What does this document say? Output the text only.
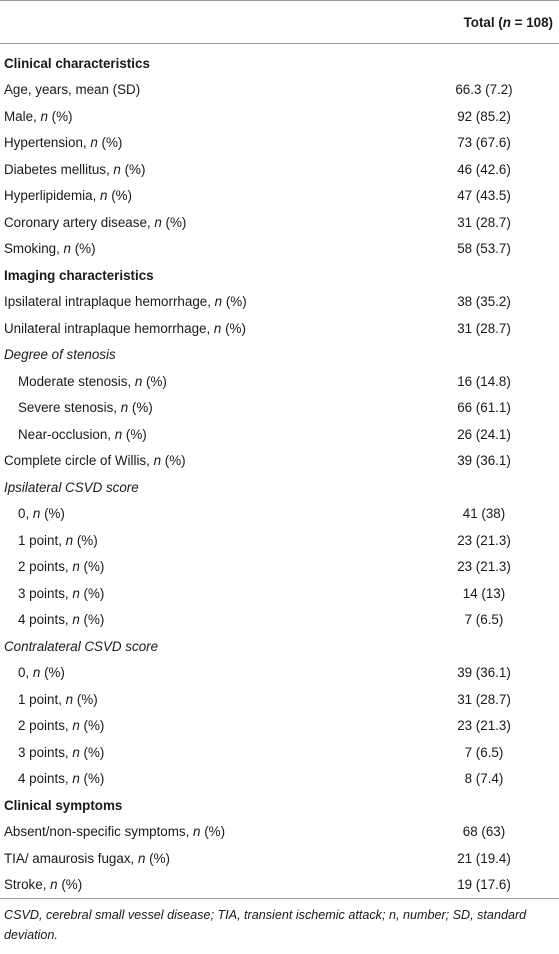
	Total (n = 108)
Clinical characteristics	
Age, years, mean (SD)	66.3 (7.2)
Male, n (%)	92 (85.2)
Hypertension, n (%)	73 (67.6)
Diabetes mellitus, n (%)	46 (42.6)
Hyperlipidemia, n (%)	47 (43.5)
Coronary artery disease, n (%)	31 (28.7)
Smoking, n (%)	58 (53.7)
Imaging characteristics	
Ipsilateral intraplaque hemorrhage, n (%)	38 (35.2)
Unilateral intraplaque hemorrhage, n (%)	31 (28.7)
Degree of stenosis	
Moderate stenosis, n (%)	16 (14.8)
Severe stenosis, n (%)	66 (61.1)
Near-occlusion, n (%)	26 (24.1)
Complete circle of Willis, n (%)	39 (36.1)
Ipsilateral CSVD score	
0, n (%)	41 (38)
1 point, n (%)	23 (21.3)
2 points, n (%)	23 (21.3)
3 points, n (%)	14 (13)
4 points, n (%)	7 (6.5)
Contralateral CSVD score	
0, n (%)	39 (36.1)
1 point, n (%)	31 (28.7)
2 points, n (%)	23 (21.3)
3 points, n (%)	7 (6.5)
4 points, n (%)	8 (7.4)
Clinical symptoms	
Absent/non-specific symptoms, n (%)	68 (63)
TIA/ amaurosis fugax, n (%)	21 (19.4)
Stroke, n (%)	19 (17.6)
CSVD, cerebral small vessel disease; TIA, transient ischemic attack; n, number; SD, standard deviation.
